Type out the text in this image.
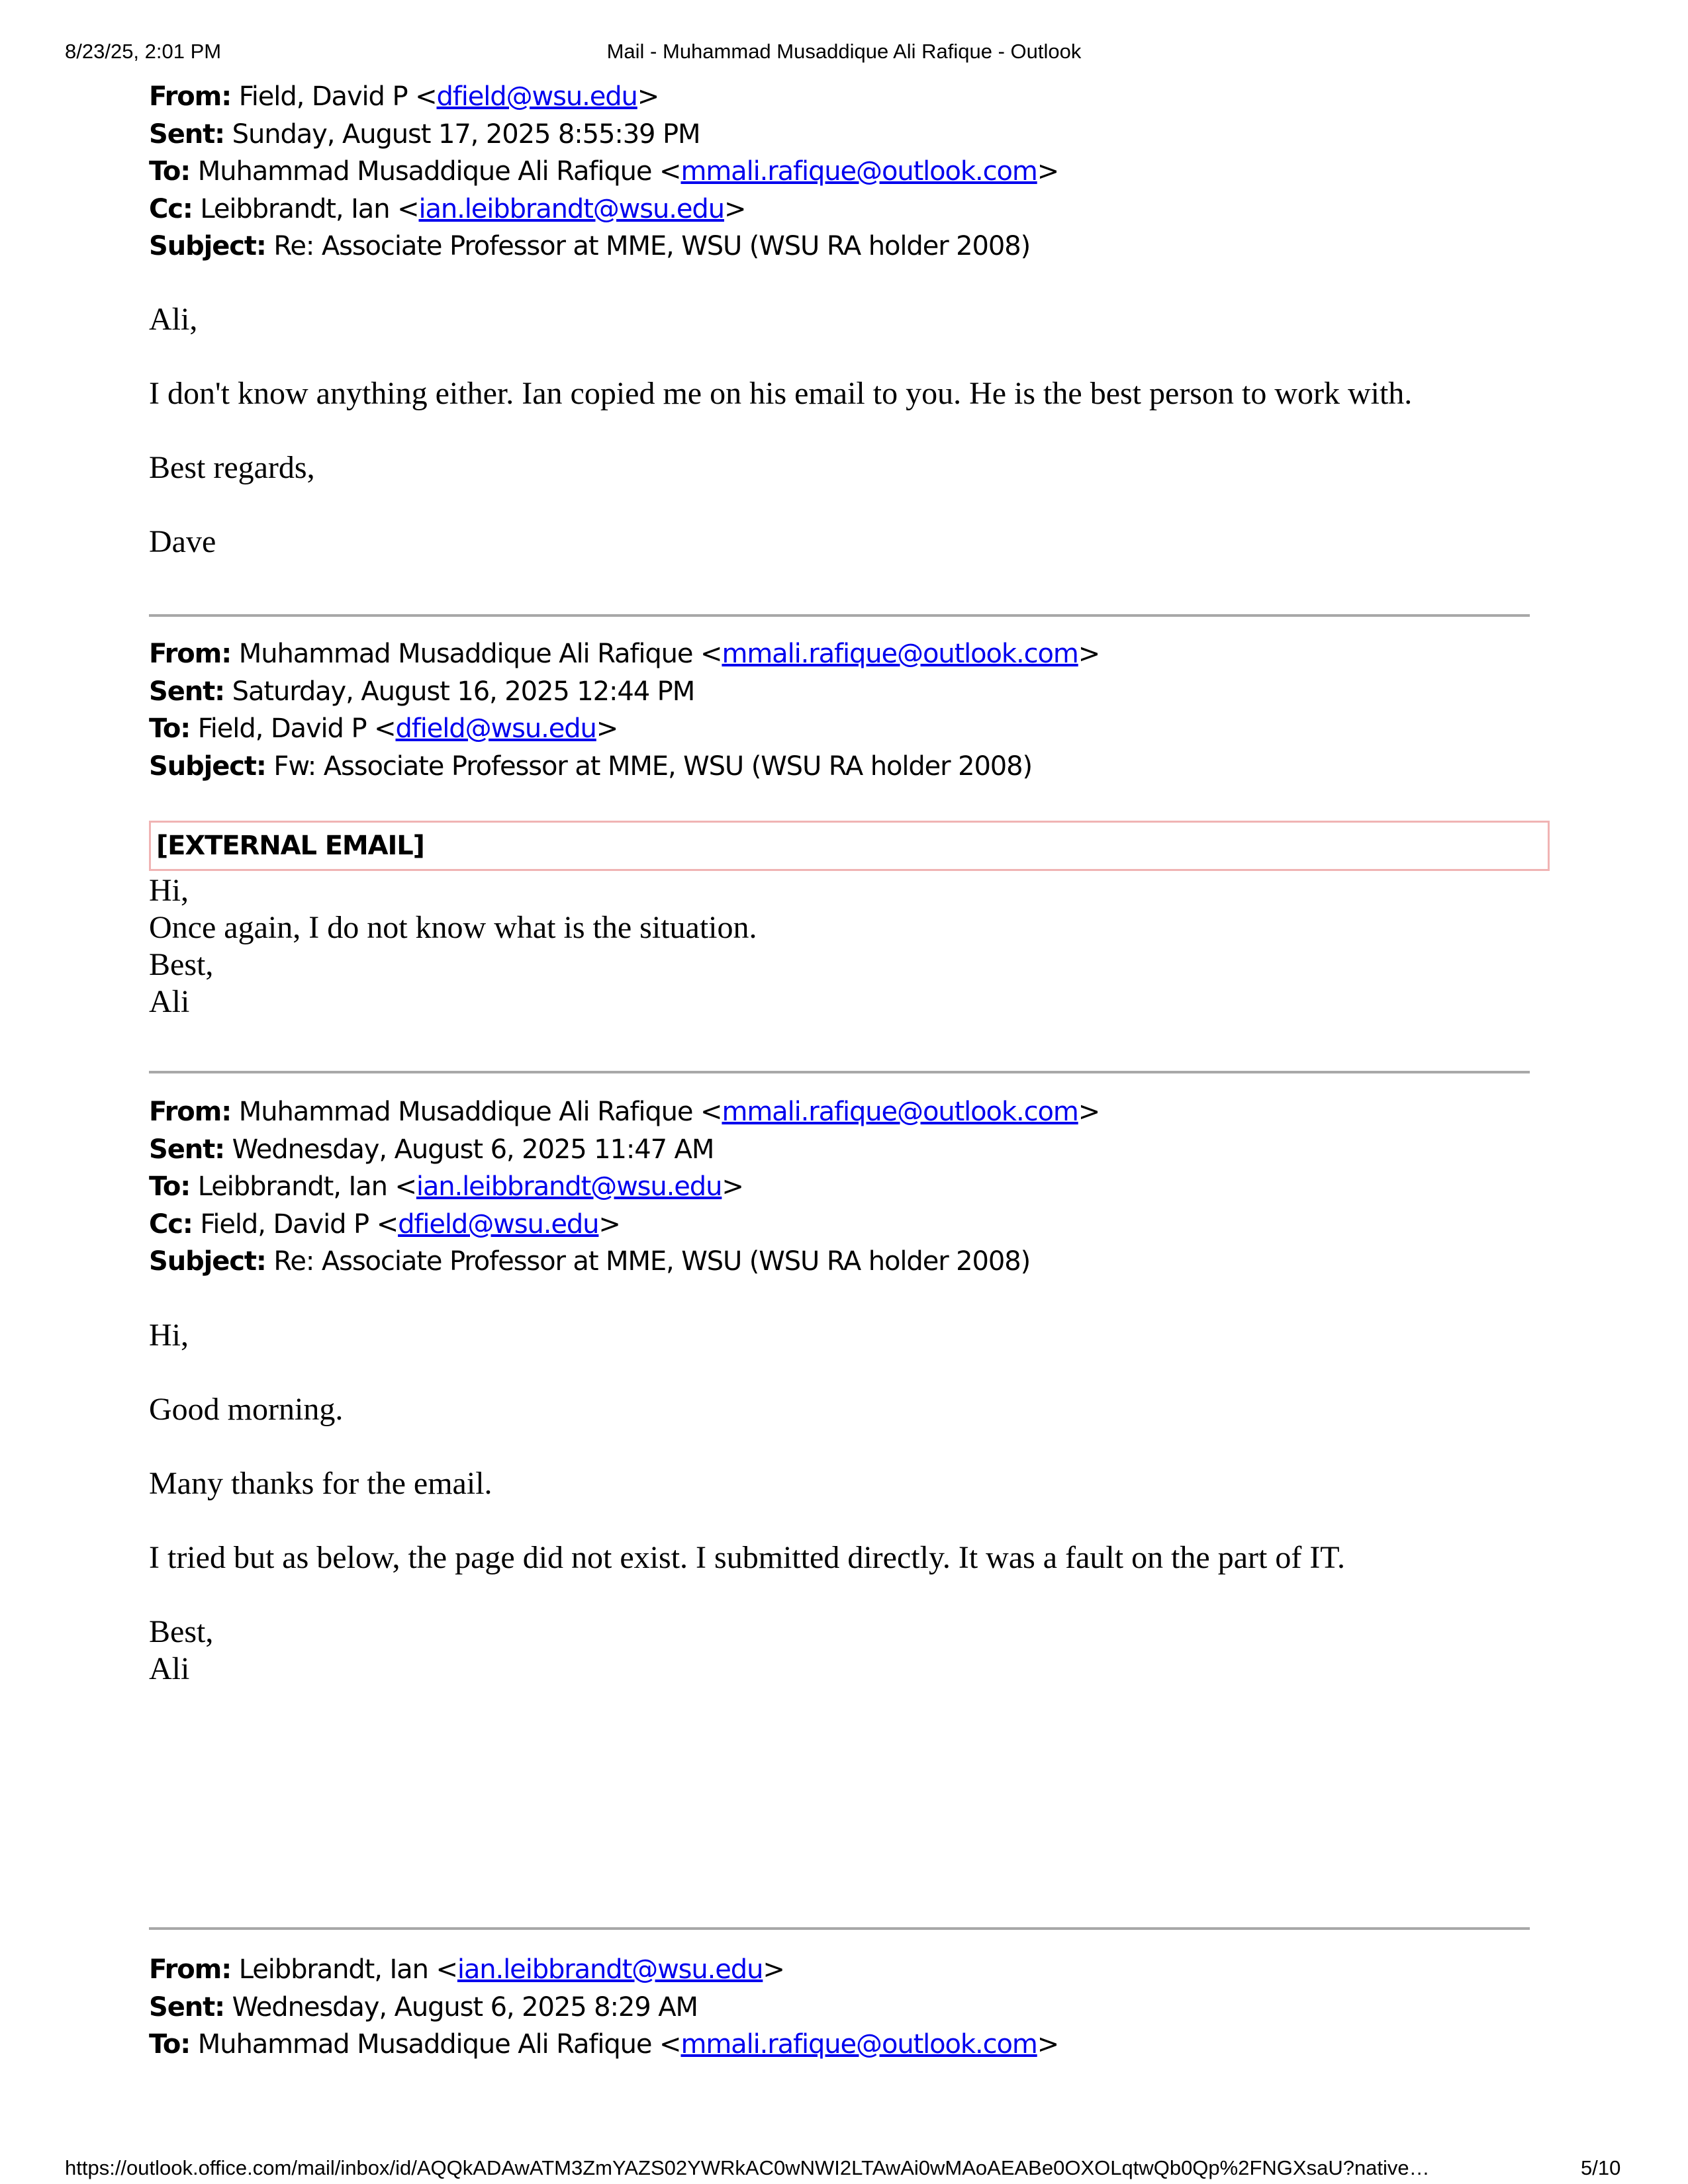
8/23/25, 2:01 PM	Mail - Muhammad Musaddique Ali Rafique - Outlook
From: Field, David P <dfield@wsu.edu>
Sent: Sunday, August 17, 2025 8:55:39 PM
To: Muhammad Musaddique Ali Rafique <mmali.rafique@outlook.com>
Cc: Leibbrandt, Ian <ian.leibbrandt@wsu.edu>
Subject: Re: Associate Professor at MME, WSU (WSU RA holder 2008)

Ali,

I don't know anything either. Ian copied me on his email to you. He is the best person to work with.

Best regards,

Dave

From: Muhammad Musaddique Ali Rafique <mmali.rafique@outlook.com>
Sent: Saturday, August 16, 2025 12:44 PM
To: Field, David P <dfield@wsu.edu>
Subject: Fw: Associate Professor at MME, WSU (WSU RA holder 2008)
[EXTERNAL EMAIL]

Hi,

Once again, I do not know what is the situation.

Best,

Ali

From: Muhammad Musaddique Ali Rafique <mmali.rafique@outlook.com>
Sent: Wednesday, August 6, 2025 11:47 AM
To: Leibbrandt, Ian <ian.leibbrandt@wsu.edu>
Cc: Field, David P <dfield@wsu.edu>
Subject: Re: Associate Professor at MME, WSU (WSU RA holder 2008)

Hi,

Good morning.

Many thanks for the email.

I tried but as below, the page did not exist. I submitted directly. It was a fault on the part of IT.

Best,

Ali

From: Leibbrandt, Ian <ian.leibbrandt@wsu.edu>
Sent: Wednesday, August 6, 2025 8:29 AM
To: Muhammad Musaddique Ali Rafique <mmali.rafique@outlook.com>
https://outlook.office.com/mail/inbox/id/AQQkADAwATM3ZmYAZS02YWRkAC0wNWI2LTAwAi0wMAoAEABe0OXOLqtwQb0Qp%2FNGXsaU?native…	5/10
